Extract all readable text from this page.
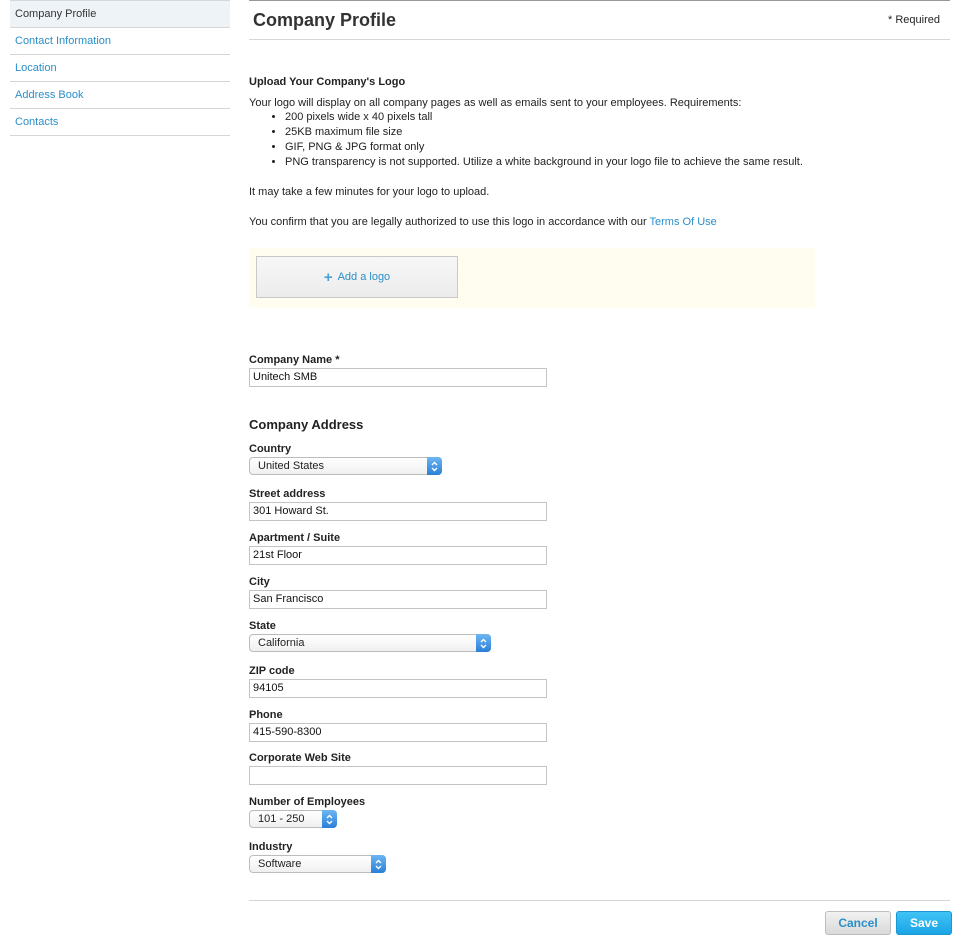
Company Profile
Contact Information
Location
Address Book
Contacts
Company Profile	* Required
Upload Your Company's Logo
Your logo will display on all company pages as well as emails sent to your employees. Requirements:
• 200 pixels wide x 40 pixels tall
• 25KB maximum file size
• GIF, PNG & JPG format only
• PNG transparency is not supported. Utilize a white background in your logo file to achieve the same result.
It may take a few minutes for your logo to upload.
You confirm that you are legally authorized to use this logo in accordance with our Terms Of Use
+ Add a logo
Company Name *
Unitech SMB
Company Address
Country
United States
Street address
301 Howard St.
Apartment / Suite
21st Floor
City
San Francisco
State
California
ZIP code
94105
Phone
415-590-8300
Corporate Web Site
Number of Employees
101 - 250
Industry
Software
Cancel	Save
